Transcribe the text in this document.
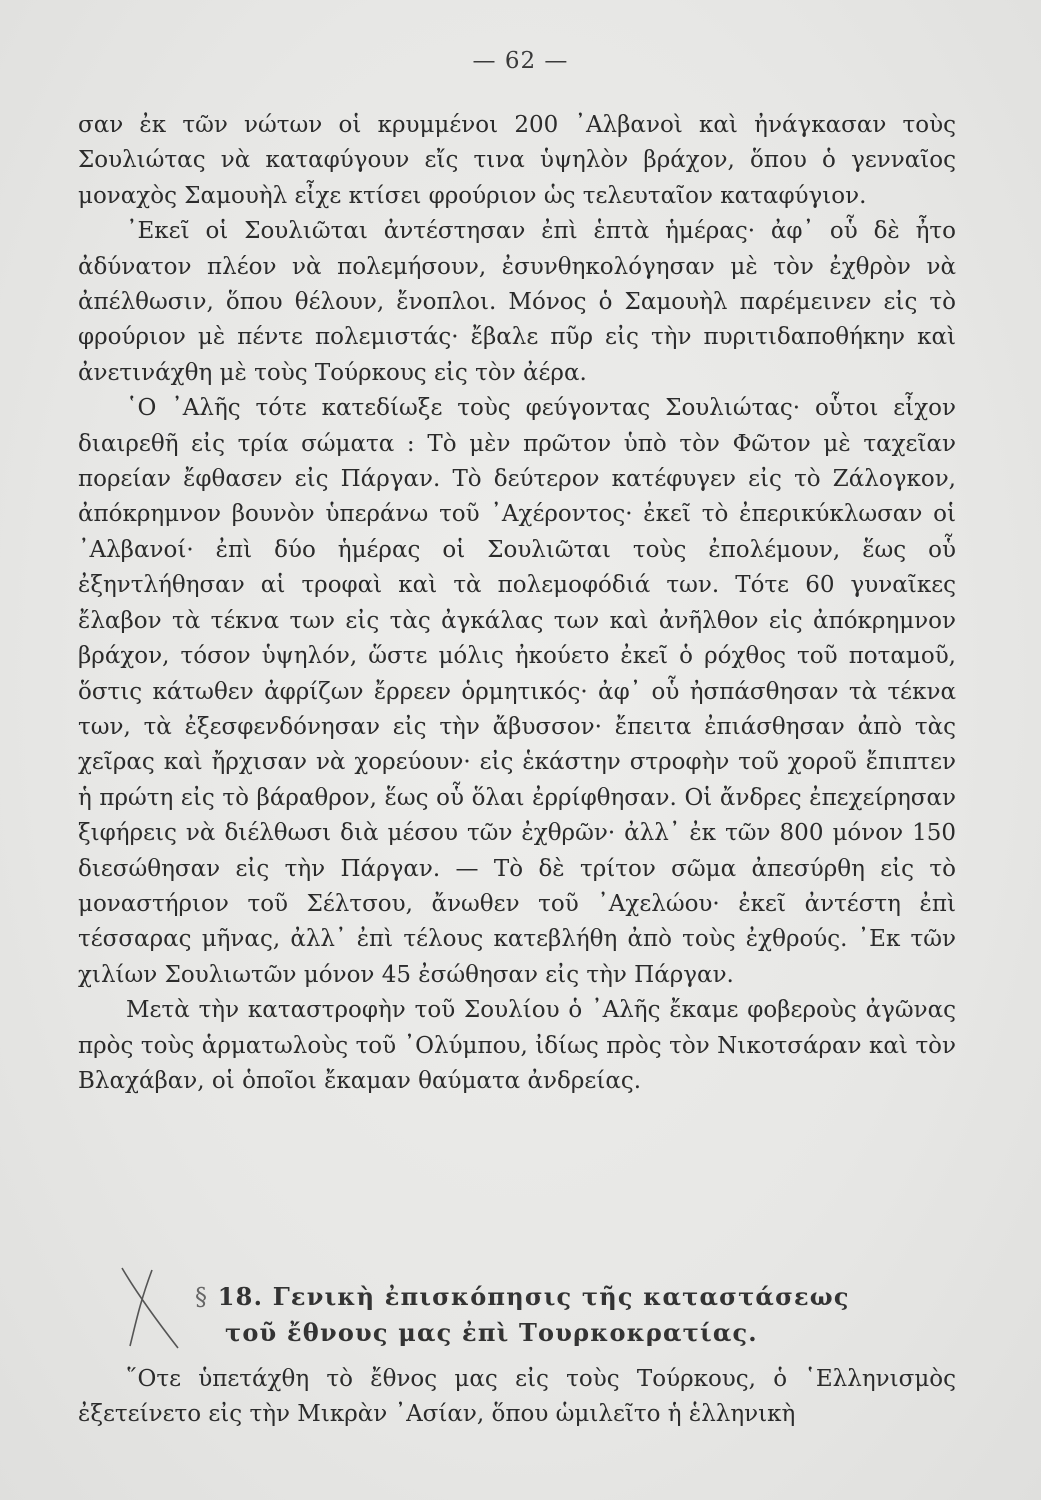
— 62 —

σαν ἐκ τῶν νώτων οἱ κρυμμένοι 200 ᾿Αλβανοὶ καὶ ἠνάγκασαν τοὺς Σουλιώτας νὰ καταφύγουν εἴς τινα ὑψηλὸν βράχον, ὅπου ὁ γενναῖος μοναχὸς Σαμουὴλ εἶχε κτίσει φρούριον ὡς τελευταῖον καταφύγιον.

᾿Εκεῖ οἱ Σουλιῶται ἀντέστησαν ἐπὶ ἑπτὰ ἡμέρας· ἀφ᾿ οὗ δὲ ἦτο ἀδύνατον πλέον νὰ πολεμήσουν, ἐσυνθηκολόγησαν μὲ τὸν ἐχθρὸν νὰ ἀπέλθωσιν, ὅπου θέλουν, ἔνοπλοι. Μόνος ὁ Σαμουὴλ παρέμεινεν εἰς τὸ φρούριον μὲ πέντε πολεμιστάς· ἔβαλε πῦρ εἰς τὴν πυριτιδαποθήκην καὶ ἀνετινάχθη μὲ τοὺς Τούρκους εἰς τὸν ἀέρα.

῾Ο ᾿Αλῆς τότε κατεδίωξε τοὺς φεύγοντας Σουλιώτας· οὗτοι εἶχον διαιρεθῆ εἰς τρία σώματα : Τὸ μὲν πρῶτον ὑπὸ τὸν Φῶτον μὲ ταχεῖαν πορείαν ἔφθασεν εἰς Πάργαν. Τὸ δεύτερον κατέφυγεν εἰς τὸ Ζάλογκον, ἀπόκρημνον βουνὸν ὑπεράνω τοῦ ᾿Αχέροντος· ἐκεῖ τὸ ἐπερικύκλωσαν οἱ ᾿Αλβανοί· ἐπὶ δύο ἡμέρας οἱ Σουλιῶται τοὺς ἐπολέμουν, ἕως οὗ ἐξηντλήθησαν αἱ τροφαὶ καὶ τὰ πολεμοφόδιά των. Τότε 60 γυναῖκες ἔλαβον τὰ τέκνα των εἰς τὰς ἀγκάλας των καὶ ἀνῆλθον εἰς ἀπόκρημνον βράχον, τόσον ὑψηλόν, ὥστε μόλις ἠκούετο ἐκεῖ ὁ ρόχθος τοῦ ποταμοῦ, ὅστις κάτωθεν ἀφρίζων ἔρρεεν ὁρμητικός· ἀφ᾿ οὗ ἠσπάσθησαν τὰ τέκνα των, τὰ ἐξεσφενδόνησαν εἰς τὴν ἄβυσσον· ἔπειτα ἐπιάσθησαν ἀπὸ τὰς χεῖρας καὶ ἤρχισαν νὰ χορεύουν· εἰς ἑκάστην στροφὴν τοῦ χοροῦ ἔπιπτεν ἡ πρώτη εἰς τὸ βάραθρον, ἕως οὗ ὅλαι ἐρρίφθησαν. Οἱ ἄνδρες ἐπεχείρησαν ξιφήρεις νὰ διέλθωσι διὰ μέσου τῶν ἐχθρῶν· ἀλλ᾿ ἐκ τῶν 800 μόνον 150 διεσώθησαν εἰς τὴν Πάργαν. — Τὸ δὲ τρίτον σῶμα ἀπεσύρθη εἰς τὸ μοναστήριον τοῦ Σέλτσου, ἄνωθεν τοῦ ᾿Αχελώου· ἐκεῖ ἀντέστη ἐπὶ τέσσαρας μῆνας, ἀλλ᾿ ἐπὶ τέλους κατεβλήθη ἀπὸ τοὺς ἐχθρούς. ᾿Εκ τῶν χιλίων Σουλιωτῶν μόνον 45 ἐσώθησαν εἰς τὴν Πάργαν.

Μετὰ τὴν καταστροφὴν τοῦ Σουλίου ὁ ᾿Αλῆς ἔκαμε φοβεροὺς ἀγῶνας πρὸς τοὺς ἁρματωλοὺς τοῦ ᾿Ολύμπου, ἰδίως πρὸς τὸν Νικοτσάραν καὶ τὸν Βλαχάβαν, οἱ ὁποῖοι ἔκαμαν θαύματα ἀνδρείας.

§ 18. Γενικὴ ἐπισκόπησις τῆς καταστάσεως
τοῦ ἔθνους μας ἐπὶ Τουρκοκρατίας.

῞Οτε ὑπετάχθη τὸ ἔθνος μας εἰς τοὺς Τούρκους, ὁ ῾Ελληνισμὸς ἐξετείνετο εἰς τὴν Μικρὰν ᾿Ασίαν, ὅπου ὡμιλεῖτο ἡ ἑλληνικὴ
